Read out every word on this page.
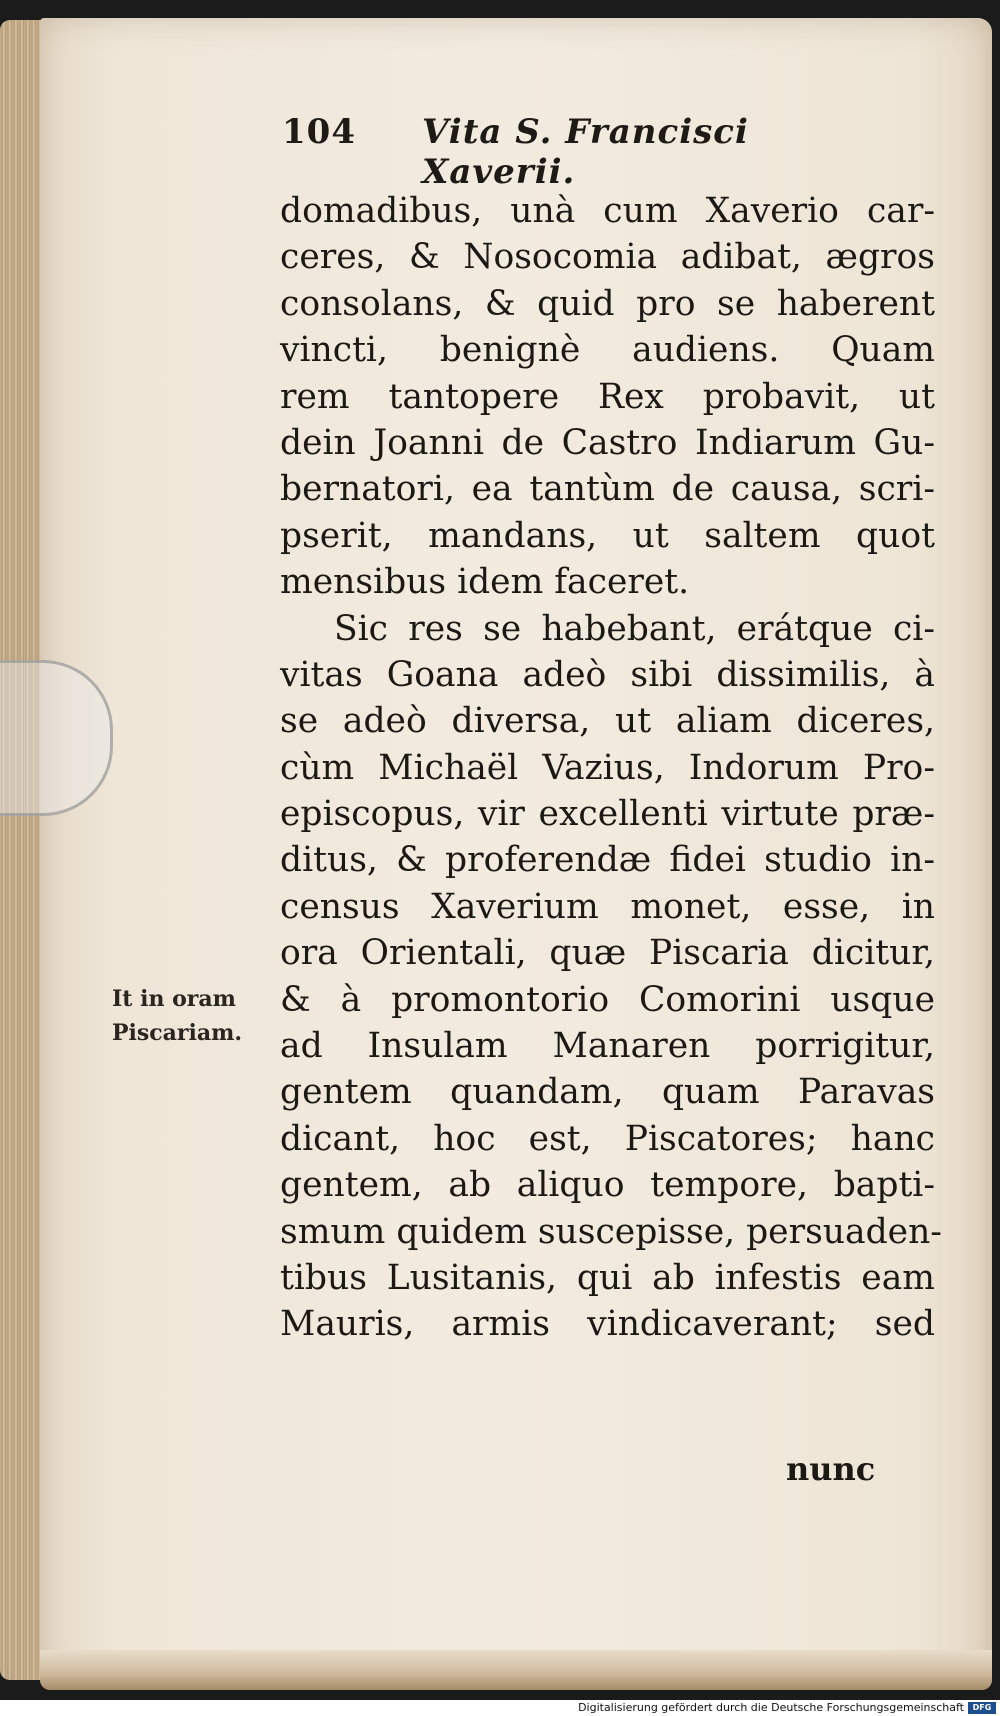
104 Vita S. Francisci Xaverii.
It in oram
Piscariam.
domadibus, unà cum Xaverio car-
ceres, & Nosocomia adibat, ægros
consolans, & quid pro se haberent
vincti, benignè audiens. Quam
rem tantopere Rex probavit, ut
dein Joanni de Castro Indiarum Gu-
bernatori, ea tantùm de causa, scri-
pserit, mandans, ut saltem quot
mensibus idem faceret.
Sic res se habebant, erátque ci-
vitas Goana adeò sibi dissimilis, à
se adeò diversa, ut aliam diceres,
cùm Michaël Vazius, Indorum Pro-
episcopus, vir excellenti virtute præ-
ditus, & proferendæ fidei studio in-
census Xaverium monet, esse, in
ora Orientali, quæ Piscaria dicitur,
& à promontorio Comorini usque
ad Insulam Manaren porrigitur,
gentem quandam, quam Paravas
dicant, hoc est, Piscatores; hanc
gentem, ab aliquo tempore, bapti-
smum quidem suscepisse, persuaden-
tibus Lusitanis, qui ab infestis eam
Mauris, armis vindicaverant; sed
nunc
Digitalisierung gefördert durch die Deutsche Forschungsgemeinschaft	DFG
